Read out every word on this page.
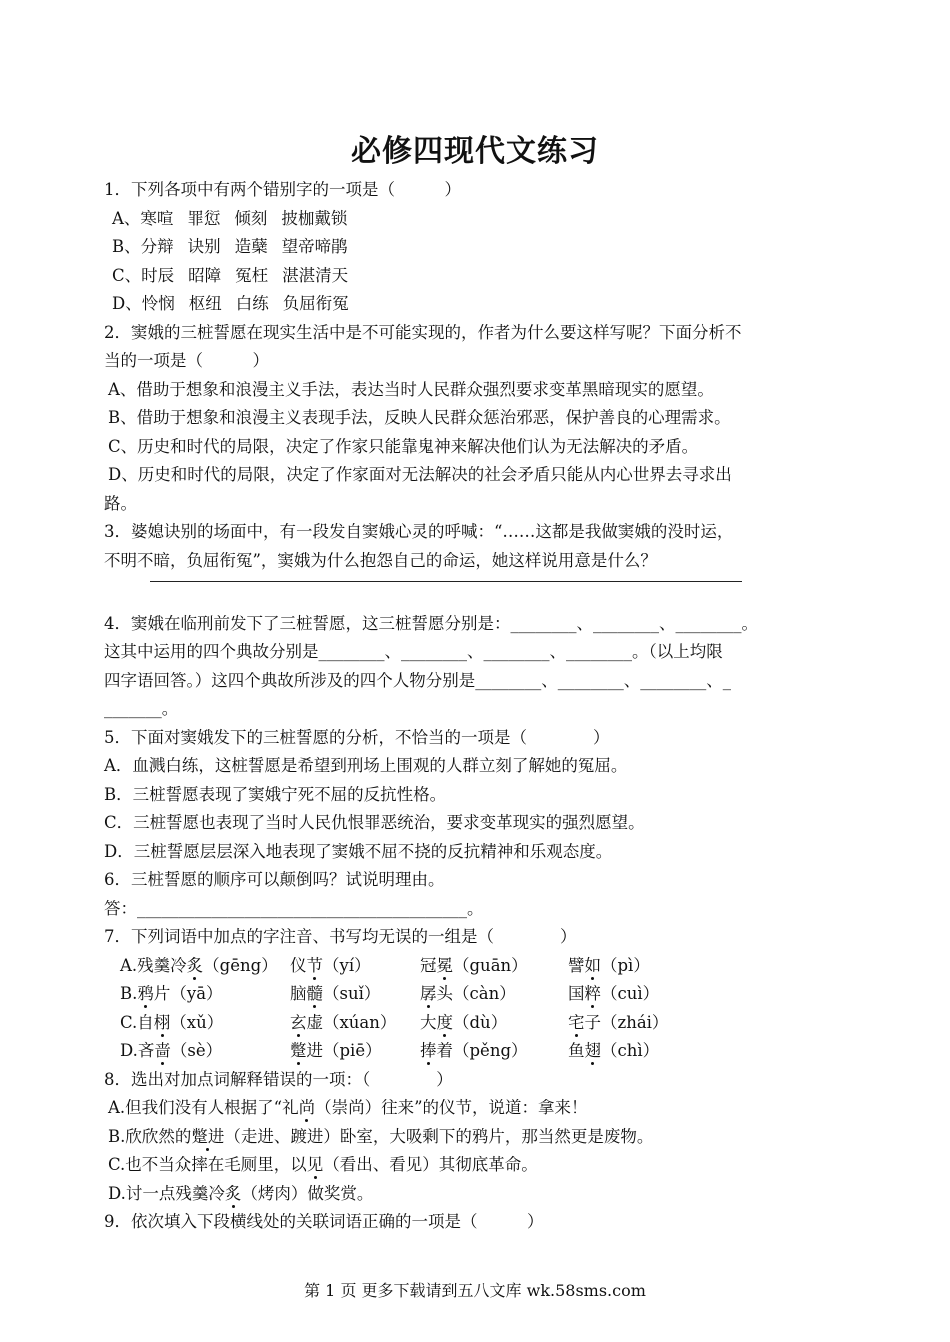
必修四现代文练习
1．下列各项中有两个错别字的一项是（　　　）
A、寒喧 罪愆 倾刻 披枷戴锁
B、分辩 诀别 造蘖 望帝啼鹃
C、时辰 昭障 冤枉 湛湛清天
D、怜悯 枢纽 白练 负屈衔冤
2．窦娥的三桩誓愿在现实生活中是不可能实现的，作者为什么要这样写呢？下面分析不
当的一项是（　　　）
A、借助于想象和浪漫主义手法，表达当时人民群众强烈要求变革黑暗现实的愿望。
B、借助于想象和浪漫主义表现手法，反映人民群众惩治邪恶，保护善良的心理需求。
C、历史和时代的局限，决定了作家只能靠鬼神来解决他们认为无法解决的矛盾。
D、历史和时代的局限，决定了作家面对无法解决的社会矛盾只能从内心世界去寻求出
路。
3．婆媳诀别的场面中，有一段发自窦娥心灵的呼喊：“……这都是我做窦娥的没时运，
不明不暗，负屈衔冤”，窦娥为什么抱怨自己的命运，她这样说用意是什么？
4．窦娥在临刑前发下了三桩誓愿，这三桩誓愿分别是：________、________、________。
这其中运用的四个典故分别是________、________、________、________。（以上均限
四字语回答。）这四个典故所涉及的四个人物分别是________、________、________、_
_______。
5．下面对窦娥发下的三桩誓愿的分析，不恰当的一项是（　　　　）
A．血溅白练，这桩誓愿是希望到刑场上围观的人群立刻了解她的冤屈。
B．三桩誓愿表现了窦娥宁死不屈的反抗性格。
C．三桩誓愿也表现了当时人民仇恨罪恶统治，要求变革现实的强烈愿望。
D．三桩誓愿层层深入地表现了窦娥不屈不挠的反抗精神和乐观态度。
6．三桩誓愿的顺序可以颠倒吗？试说明理由。
答：________________________________________。
7．下列词语中加点的字注音、书写均无误的一组是（　　　　）
A.残羹冷炙（gēng） 仪节（yí）	冠冕（guān） 譬如（pì）
B.鸦片（yā）	脑髓（suǐ） 孱头（càn）	国粹（cuì）
C.自栩（xǔ）	玄虚（xúan） 大度（dù）	宅子（zhái）
D.吝啬（sè）	蹩进（piē） 捧着（pěng） 鱼翅（chì）
8．选出对加点词解释错误的一项：（　　　　）
A.但我们没有人根据了“礼尚（崇尚）往来”的仪节，说道：拿来！
B.欣欣然的蹩进（走进、踱进）卧室，大吸剩下的鸦片，那当然更是废物。
C.也不当众摔在毛厕里，以见（看出、看见）其彻底革命。
D.讨一点残羹冷炙（烤肉）做奖赏。
9．依次填入下段横线处的关联词语正确的一项是（　　　）
第 1 页 更多下载请到五八文库 wk.58sms.com
